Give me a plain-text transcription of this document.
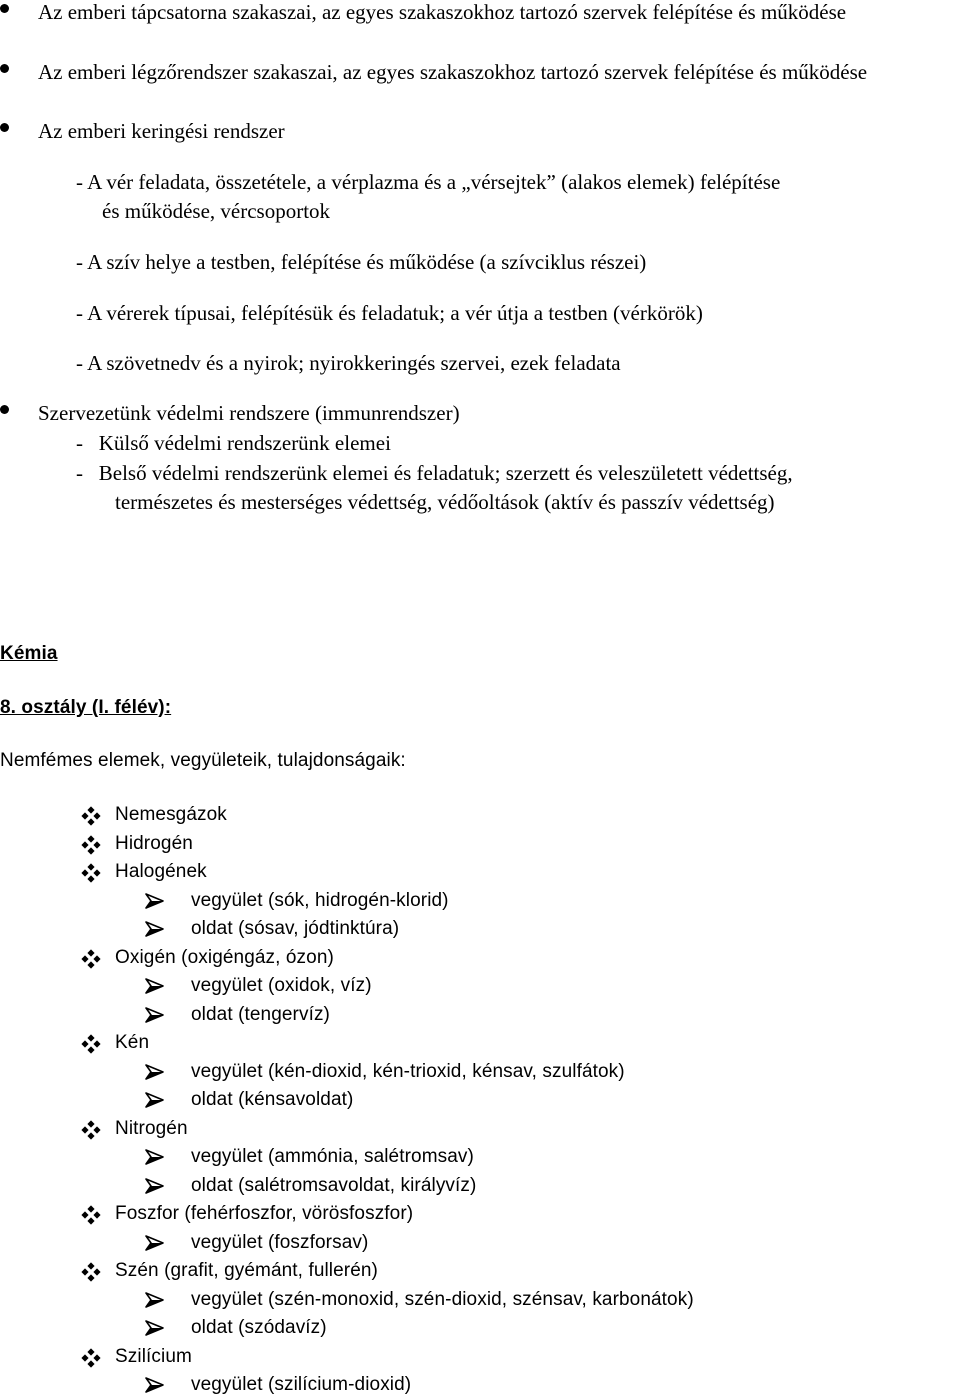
Az emberi tápcsatorna szakaszai, az egyes szakaszokhoz tartozó szervek felépítése és működése
Az emberi légzőrendszer szakaszai, az egyes szakaszokhoz tartozó szervek felépítése és működése
Az emberi keringési rendszer
- A vér feladata, összetétele, a vérplazma és a „vérsejtek” (alakos elemek) felépítése
és működése, vércsoportok
- A szív helye a testben, felépítése és működése (a szívciklus részei)
- A vérerek típusai, felépítésük és feladatuk; a vér útja a testben (vérkörök)
- A szövetnedv és a nyirok; nyirokkeringés szervei, ezek feladata
Szervezetünk védelmi rendszere (immunrendszer)
-   Külső védelmi rendszerünk elemei
-   Belső védelmi rendszerünk elemei és feladatuk; szerzett és veleszületett védettség,
természetes és mesterséges védettség, védőoltások (aktív és passzív védettség)
Kémia
8. osztály (I. félév):
Nemfémes elemek, vegyületeik, tulajdonságaik:
Nemesgázok
Hidrogén
Halogének
vegyület (sók, hidrogén-klorid)
oldat (sósav, jódtinktúra)
Oxigén (oxigéngáz, ózon)
vegyület (oxidok, víz)
oldat (tengervíz)
Kén
vegyület (kén-dioxid, kén-trioxid, kénsav, szulfátok)
oldat (kénsavoldat)
Nitrogén
vegyület (ammónia, salétromsav)
oldat (salétromsavoldat, királyvíz)
Foszfor (fehérfoszfor, vörösfoszfor)
vegyület (foszforsav)
Szén (grafit, gyémánt, fullerén)
vegyület (szén-monoxid, szén-dioxid, szénsav, karbonátok)
oldat (szódavíz)
Szilícium
vegyület (szilícium-dioxid)
